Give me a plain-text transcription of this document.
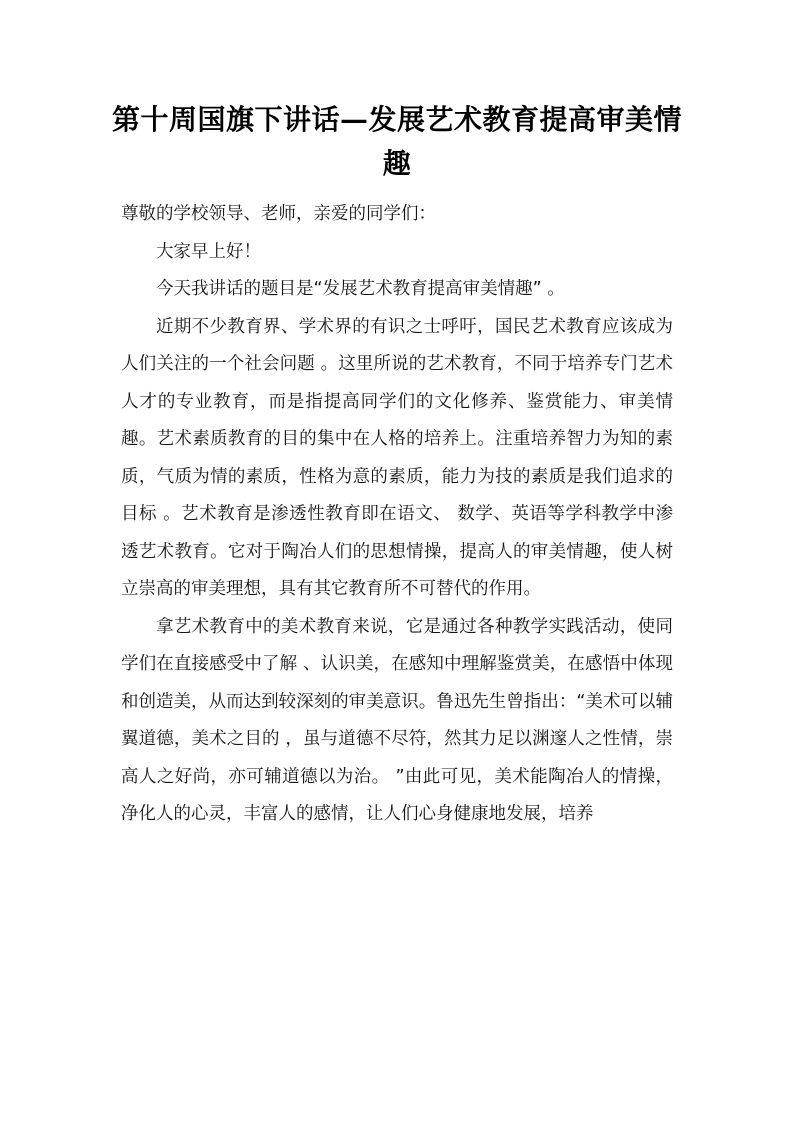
第十周国旗下讲话—发展艺术教育提高审美情趣

尊敬的学校领导、老师，亲爱的同学们：

大家早上好！

今天我讲话的题目是“发展艺术教育提高审美情趣” 。

近期不少教育界、学术界的有识之士呼吁，国民艺术教育应该成为人们关注的一个社会问题 。这里所说的艺术教育，不同于培养专门艺术人才的专业教育，而是指提高同学们的文化修养、鉴赏能力、审美情趣。艺术素质教育的目的集中在人格的培养上。注重培养智力为知的素质，气质为情的素质，性格为意的素质，能力为技的素质是我们追求的目标 。艺术教育是渗透性教育即在语文、 数学、英语等学科教学中渗透艺术教育。它对于陶冶人们的思想情操，提高人的审美情趣，使人树立崇高的审美理想，具有其它教育所不可替代的作用。

拿艺术教育中的美术教育来说，它是通过各种教学实践活动，使同学们在直接感受中了解 、认识美，在感知中理解鉴赏美，在感悟中体现和创造美，从而达到较深刻的审美意识。鲁迅先生曾指出：“美术可以辅翼道德，美术之目的 ，虽与道德不尽符，然其力足以渊邃人之性情，崇高人之好尚，亦可辅道德以为治。 ”由此可见，美术能陶冶人的情操，净化人的心灵，丰富人的感情，让人们心身健康地发展，培养
